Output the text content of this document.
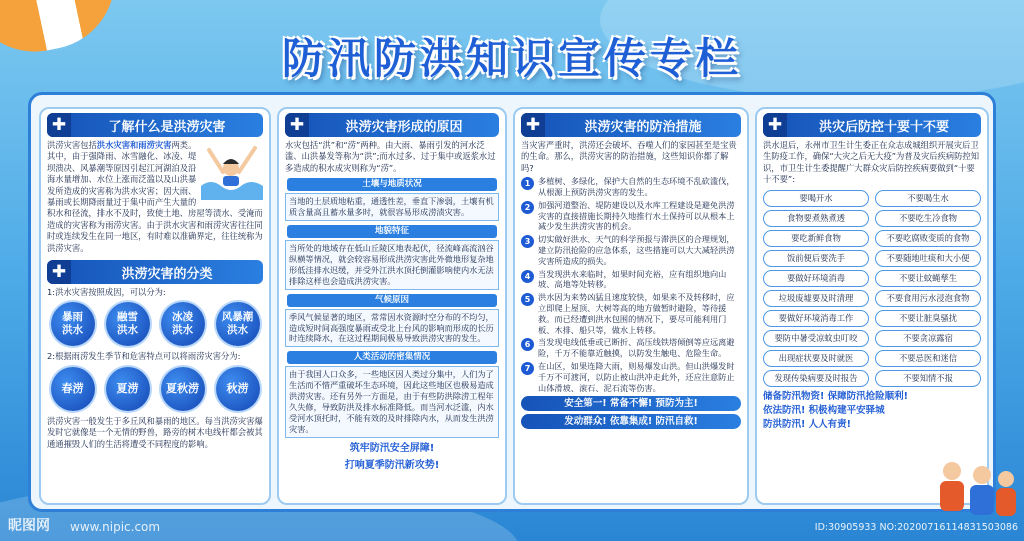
防汛防洪知识宣传专栏
✚	了解什么是洪涝灾害
洪涝灾害包括洪水灾害和雨涝灾害两类。其中，由于强降雨、冰雪融化、冰凌、堤坝溃决、风暴潮等原因引起江河湖泊及沿海水量增加、水位上涨而泛滥以及山洪暴发所造成的灾害称为洪水灾害；因大雨、暴雨或长期降雨量过于集中而产生大量的积水和径流，排水不及时，致使土地、房屋等渍水、受淹而造成的灾害称为雨涝灾害。由于洪水灾害和雨涝灾害往往同时或连续发生在同一地区，有时难以准确界定，往往统称为洪涝灾害。
✚	洪涝灾害的分类
1:洪水灾害按照成因，可以分为:
暴雨
洪水
融雪
洪水
冰凌
洪水
风暴潮
洪水
2:根据雨涝发生季节和危害特点可以将雨涝灾害分为:
春涝	夏涝	夏秋涝	秋涝
洪涝灾害一般发生于多丘风和暴雨的地区。每当洪涝灾害爆发时它就像是一个无情的野兽，路旁的树木电线杆都会被其通通摧毁人们的生活将遭受不同程度的影响。
✚	洪涝灾害形成的原因
水灾包括“洪”和“涝”两种。由大雨、暴雨引发的河水泛滥、山洪暴发等称为“洪”;而水过多、过于集中或返浆水过多造成的积水成灾则称为“涝”。
土壤与地质状况
当地的土层质地粘重，通透性差，垂直下渗弱，土壤有机质含量高且蓄水量多时，就很容易形成涝渍灾害。
地貌特征
当所处的地域存在低山丘陵区地表起伏，径流峰高流汹谷纵横等情况，就会较容易形成洪涝灾害此外微地形复杂地形低洼排水迟缓，并受外江洪水顶托倒灌影响使内水无法排除这样也会造成洪涝灾害。
气候原因
季风气候显著的地区，常常因水资源时空分布的不均匀，造成短时间高强度暴雨或受北上台风的影响而形成的长历时连续降水，在这过程期间极易导致洪涝灾害的发生。
人类活动的密集情况
由于我国人口众多，一些地区因人类过分集中，人们为了生活而不惜严重破坏生态环境，因此这些地区也极易造成洪涝灾害。还有另外一方面是，由于有些防洪除涝工程年久失修，导致防洪及排水标准降低。而当河水泛滥，内水受河水顶托时，不能有效的及时排除内水，从而发生洪涝灾害。
筑牢防汛安全屏障!
打响夏季防汛新攻势!
✚	洪涝灾害的防治措施
当灾害严重时，洪涝还会破坏、吞噬人们的家园甚至是宝贵的生命。那么，洪涝灾害的防治措施，这些知识你都了解吗?
1 多植树、多绿化，保护大自然的生态环境不乱砍滥伐，从根源上预防洪涝灾害的发生。
2 加强河道整治、堤防建设以及水库工程建设是避免洪涝灾害的直接措施长期持久地推行水土保持可以从根本上减少发生洪涝灾害的机会。
3 切实做好洪水、天气的科学预报与滞洪区的合理规划，建立防汛抢险的应急体系，这些措施可以大大减轻洪涝灾害所造成的损失。
4 当发现洪水来临时，如果时间充裕，应有组织地向山坡、高地等处转移。
5 洪水因为来势凶猛且速度较快，如果来不及转移时，应立即爬上屋顶、大树等高的地方做暂时避险，等待援救。而已经遭到洪水包围的情况下，要尽可能利用门板、木排、船只等，做水上转移。
6 当发现电线低垂或已断折、高压线铁塔倾倒等应远离避险，千万不能靠近触摸，以防发生触电、危险生命。
7 在山区，如果连降大雨，则易爆发山洪。但山洪爆发时千万不可渡河，以防止被山洪冲走此外，还应注意防止山体滑坡、滚石、泥石流等伤害。
安全第一! 常备不懈! 预防为主!
发动群众! 依靠集成! 防汛自救!
✚	洪灾后防控十要十不要
洪水退后，永州市卫生计生委正在众志成城组织开展灾后卫生防疫工作，确保“大灾之后无大疫”为普及灾后疾病防控知识，市卫生计生委提醒广大群众灾后防控疾病要做到“十要十不要”:
要喝开水	不要喝生水
食物要煮熟煮透	不要吃生冷食物
要吃新鲜食物	不要吃腐败变质的食物
饭前便后要洗手	不要随地吐痰和大小便
要做好环境消毒	不要让蚊蝇孳生
垃圾废墟要及时清理	不要食用污水浸泡食物
要做好环境消毒工作	不要让脏臭骚扰
要防中暑受凉蚊虫叮咬	不要贪凉露宿
出现症状要及时就医	不要忌医和迷信
发现传染病要及时报告	不要知情不报
储备防汛物资! 保障防汛抢险顺利!
依法防汛! 积极构建平安驿城
防洪防汛! 人人有责!
昵图网 www.nipic.com	ID:30905933 NO:20200716114831503086
